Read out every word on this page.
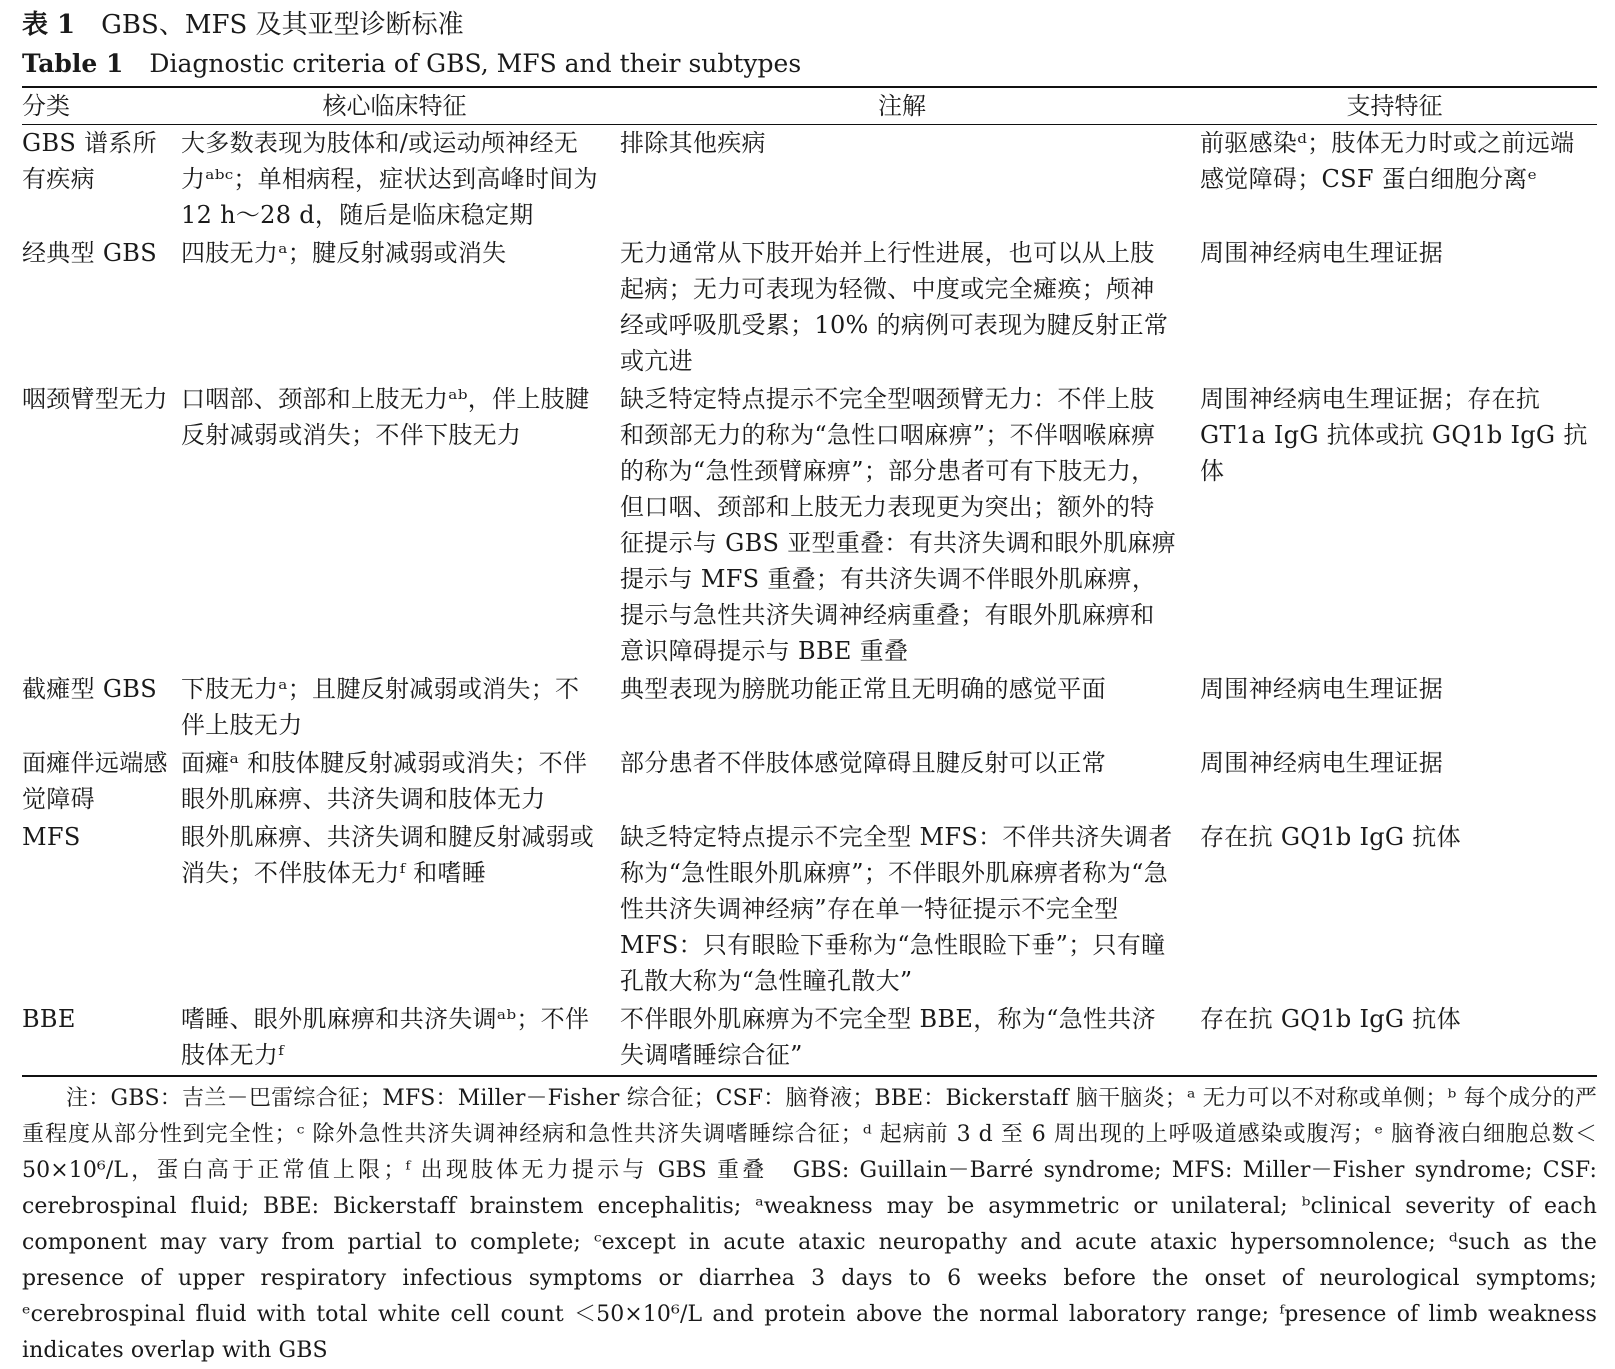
表 1 GBS、MFS 及其亚型诊断标准
Table 1 Diagnostic criteria of GBS, MFS and their subtypes
分类	核心临床特征	注解	支持特征

GBS 谱系所有疾病	大多数表现为肢体和/或运动颅神经无力ᵃᵇᶜ；单相病程，症状达到高峰时间为 12 h～28 d，随后是临床稳定期	排除其他疾病	前驱感染ᵈ；肢体无力时或之前远端感觉障碍；CSF 蛋白细胞分离ᵉ
经典型 GBS	四肢无力ᵃ；腱反射减弱或消失	无力通常从下肢开始并上行性进展，也可以从上肢起病；无力可表现为轻微、中度或完全瘫痪；颅神经或呼吸肌受累；10% 的病例可表现为腱反射正常或亢进	周围神经病电生理证据
咽颈臂型无力	口咽部、颈部和上肢无力ᵃᵇ，伴上肢腱反射减弱或消失；不伴下肢无力	缺乏特定特点提示不完全型咽颈臂无力：不伴上肢和颈部无力的称为“急性口咽麻痹”；不伴咽喉麻痹的称为“急性颈臂麻痹”；部分患者可有下肢无力，但口咽、颈部和上肢无力表现更为突出；额外的特征提示与 GBS 亚型重叠：有共济失调和眼外肌麻痹提示与 MFS 重叠；有共济失调不伴眼外肌麻痹，提示与急性共济失调神经病重叠；有眼外肌麻痹和意识障碍提示与 BBE 重叠	周围神经病电生理证据；存在抗 GT1a IgG 抗体或抗 GQ1b IgG 抗体
截瘫型 GBS	下肢无力ᵃ；且腱反射减弱或消失；不伴上肢无力	典型表现为膀胱功能正常且无明确的感觉平面	周围神经病电生理证据
面瘫伴远端感觉障碍	面瘫ᵃ 和肢体腱反射减弱或消失；不伴眼外肌麻痹、共济失调和肢体无力	部分患者不伴肢体感觉障碍且腱反射可以正常	周围神经病电生理证据
MFS	眼外肌麻痹、共济失调和腱反射减弱或消失；不伴肢体无力ᶠ 和嗜睡	缺乏特定特点提示不完全型 MFS：不伴共济失调者称为“急性眼外肌麻痹”；不伴眼外肌麻痹者称为“急性共济失调神经病”存在单一特征提示不完全型 MFS：只有眼睑下垂称为“急性眼睑下垂”；只有瞳孔散大称为“急性瞳孔散大”	存在抗 GQ1b IgG 抗体
BBE	嗜睡、眼外肌麻痹和共济失调ᵃᵇ；不伴肢体无力ᶠ	不伴眼外肌麻痹为不完全型 BBE，称为“急性共济失调嗜睡综合征”	存在抗 GQ1b IgG 抗体

注：GBS：吉兰－巴雷综合征；MFS：Miller－Fisher 综合征；CSF：脑脊液；BBE：Bickerstaff 脑干脑炎；ᵃ 无力可以不对称或单侧；ᵇ 每个成分的严重程度从部分性到完全性；ᶜ 除外急性共济失调神经病和急性共济失调嗜睡综合征；ᵈ 起病前 3 d 至 6 周出现的上呼吸道感染或腹泻；ᵉ 脑脊液白细胞总数＜50×10⁶/L，蛋白高于正常值上限；ᶠ 出现肢体无力提示与 GBS 重叠　 GBS: Guillain－Barré syndrome; MFS: Miller－Fisher syndrome; CSF: cerebrospinal fluid; BBE: Bickerstaff brainstem encephalitis; ᵃweakness may be asymmetric or unilateral; ᵇclinical severity of each component may vary from partial to complete; ᶜexcept in acute ataxic neuropathy and acute ataxic hypersomnolence; ᵈsuch as the presence of upper respiratory infectious symptoms or diarrhea 3 days to 6 weeks before the onset of neurological symptoms; ᵉcerebrospinal fluid with total white cell count ＜50×10⁶/L and protein above the normal laboratory range; ᶠpresence of limb weakness indicates overlap with GBS
